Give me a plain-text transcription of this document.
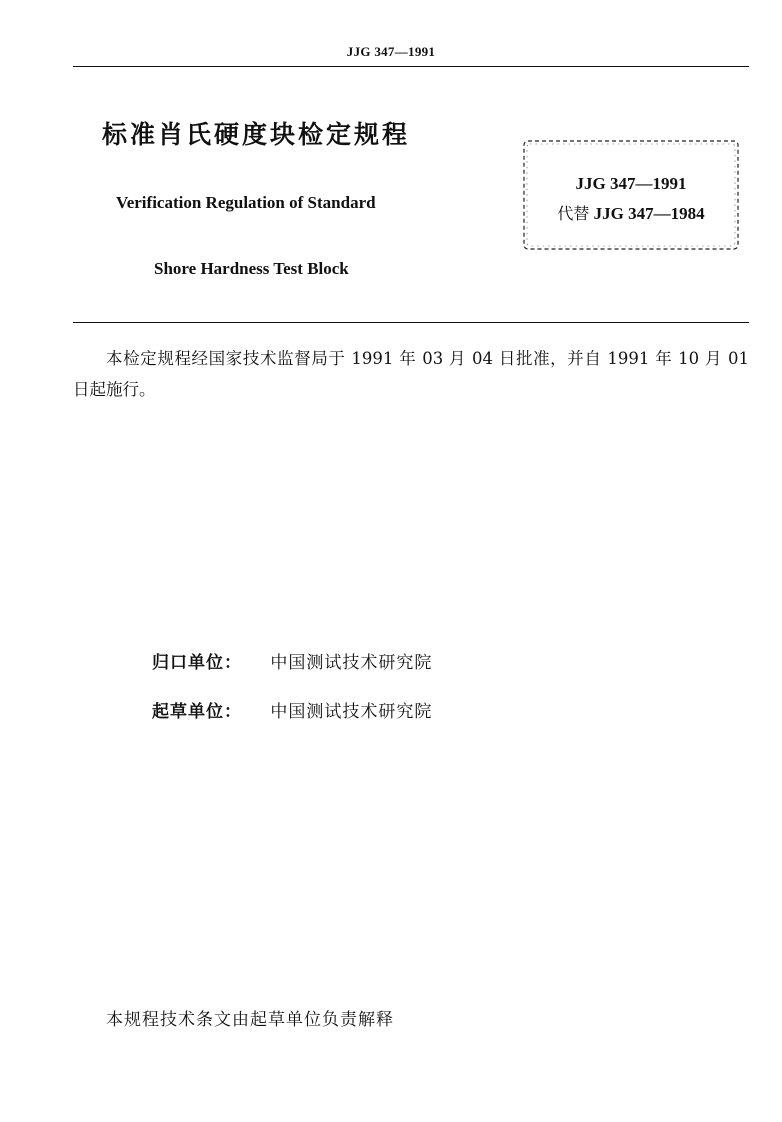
JJG 347—1991
标准肖氏硬度块检定规程
Verification Regulation of Standard
Shore Hardness Test Block
JJG 347—1991
代替 JJG 347—1984
本检定规程经国家技术监督局于 1991 年 03 月 04 日批准，并自 1991 年 10 月 01 日起施行。
归口单位： 中国测试技术研究院
起草单位： 中国测试技术研究院
本规程技术条文由起草单位负责解释
